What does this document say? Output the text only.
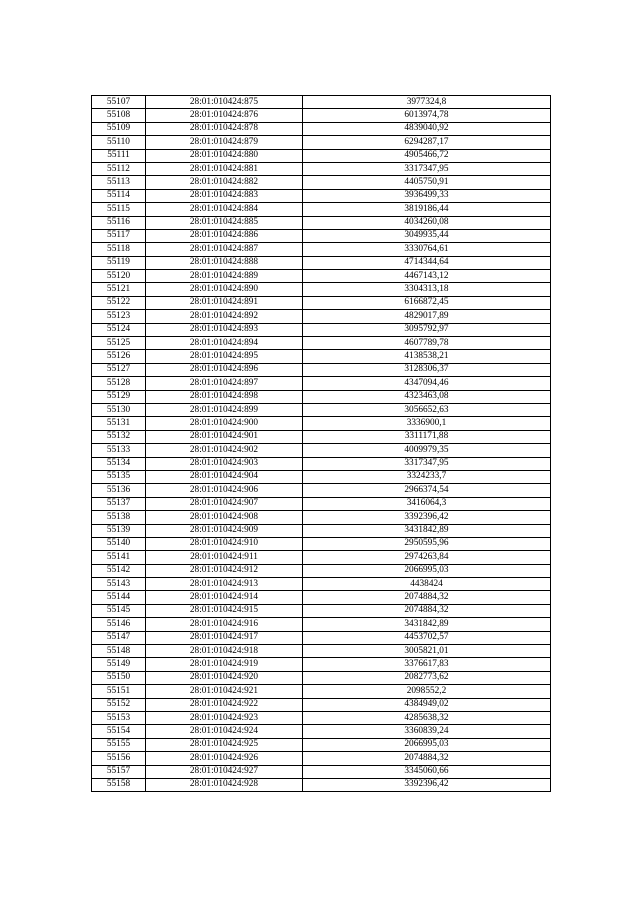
55107	28:01:010424:875	3977324,8
55108	28:01:010424:876	6013974,78
55109	28:01:010424:878	4839040,92
55110	28:01:010424:879	6294287,17
55111	28:01:010424:880	4905466,72
55112	28:01:010424:881	3317347,95
55113	28:01:010424:882	4405750,91
55114	28:01:010424:883	3936499,33
55115	28:01:010424:884	3819186,44
55116	28:01:010424:885	4034260,08
55117	28:01:010424:886	3049935,44
55118	28:01:010424:887	3330764,61
55119	28:01:010424:888	4714344,64
55120	28:01:010424:889	4467143,12
55121	28:01:010424:890	3304313,18
55122	28:01:010424:891	6166872,45
55123	28:01:010424:892	4829017,89
55124	28:01:010424:893	3095792,97
55125	28:01:010424:894	4607789,78
55126	28:01:010424:895	4138538,21
55127	28:01:010424:896	3128306,37
55128	28:01:010424:897	4347094,46
55129	28:01:010424:898	4323463,08
55130	28:01:010424:899	3056652,63
55131	28:01:010424:900	3336900,1
55132	28:01:010424:901	3311171,88
55133	28:01:010424:902	4009979,35
55134	28:01:010424:903	3317347,95
55135	28:01:010424:904	3324233,7
55136	28:01:010424:906	2966374,54
55137	28:01:010424:907	3416064,3
55138	28:01:010424:908	3392396,42
55139	28:01:010424:909	3431842,89
55140	28:01:010424:910	2950595,96
55141	28:01:010424:911	2974263,84
55142	28:01:010424:912	2066995,03
55143	28:01:010424:913	4438424
55144	28:01:010424:914	2074884,32
55145	28:01:010424:915	2074884,32
55146	28:01:010424:916	3431842,89
55147	28:01:010424:917	4453702,57
55148	28:01:010424:918	3005821,01
55149	28:01:010424:919	3376617,83
55150	28:01:010424:920	2082773,62
55151	28:01:010424:921	2098552,2
55152	28:01:010424:922	4384949,02
55153	28:01:010424:923	4285638,32
55154	28:01:010424:924	3360839,24
55155	28:01:010424:925	2066995,03
55156	28:01:010424:926	2074884,32
55157	28:01:010424:927	3345060,66
55158	28:01:010424:928	3392396,42
